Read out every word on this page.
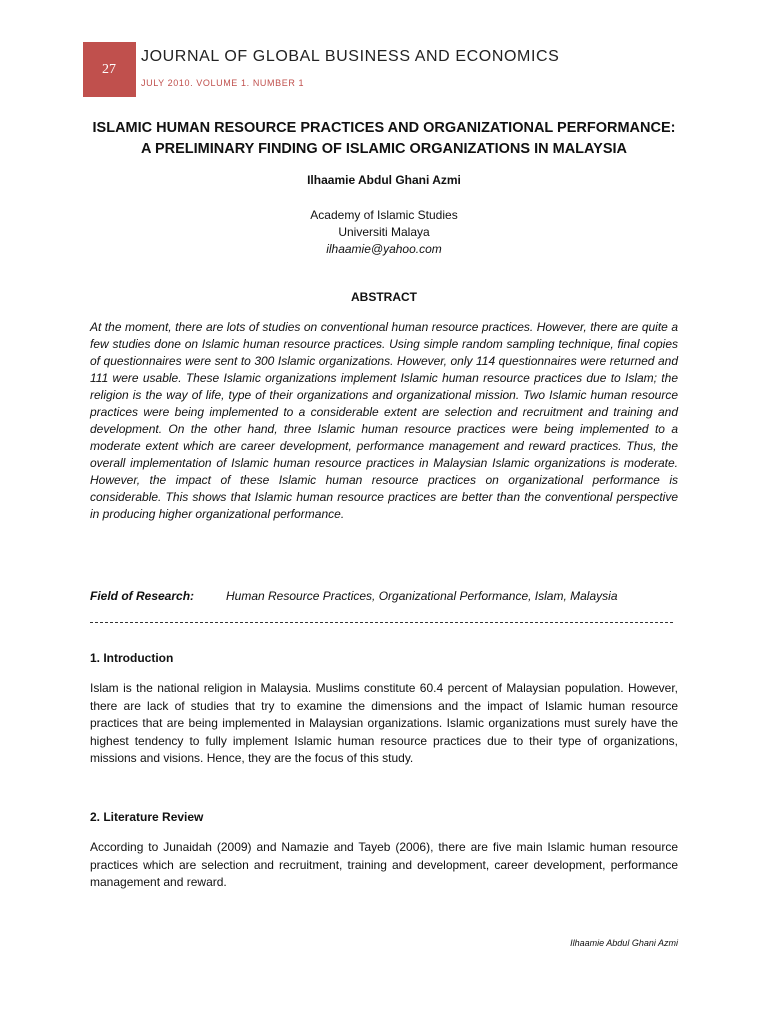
27
JOURNAL OF GLOBAL BUSINESS AND ECONOMICS
JULY 2010. VOLUME 1. NUMBER 1
ISLAMIC HUMAN RESOURCE PRACTICES AND ORGANIZATIONAL PERFORMANCE:
A PRELIMINARY FINDING OF ISLAMIC ORGANIZATIONS IN MALAYSIA
Ilhaamie Abdul Ghani Azmi
Academy of Islamic Studies
Universiti Malaya
ilhaamie@yahoo.com
ABSTRACT

At the moment, there are lots of studies on conventional human resource practices. However, there are quite a few studies done on Islamic human resource practices. Using simple random sampling technique, final copies of questionnaires were sent to 300 Islamic organizations. However, only 114 questionnaires were returned and 111 were usable. These Islamic organizations implement Islamic human resource practices due to Islam; the religion is the way of life, type of their organizations and organizational mission. Two Islamic human resource practices were being implemented to a considerable extent are selection and recruitment and training and development. On the other hand, three Islamic human resource practices were being implemented to a moderate extent which are career development, performance management and reward practices. Thus, the overall implementation of Islamic human resource practices in Malaysian Islamic organizations is moderate. However, the impact of these Islamic human resource practices on organizational performance is considerable. This shows that Islamic human resource practices are better than the conventional perspective in producing higher organizational performance.

Field of Research:	Human Resource Practices, Organizational Performance, Islam, Malaysia
1. Introduction

Islam is the national religion in Malaysia. Muslims constitute 60.4 percent of Malaysian population. However, there are lack of studies that try to examine the dimensions and the impact of Islamic human resource practices that are being implemented in Malaysian organizations. Islamic organizations must surely have the highest tendency to fully implement Islamic human resource practices due to their type of organizations, missions and visions. Hence, they are the focus of this study.

2. Literature Review

According to Junaidah (2009) and Namazie and Tayeb (2006), there are five main Islamic human resource practices which are selection and recruitment, training and development, career development, performance management and reward.

Ilhaamie Abdul Ghani Azmi
